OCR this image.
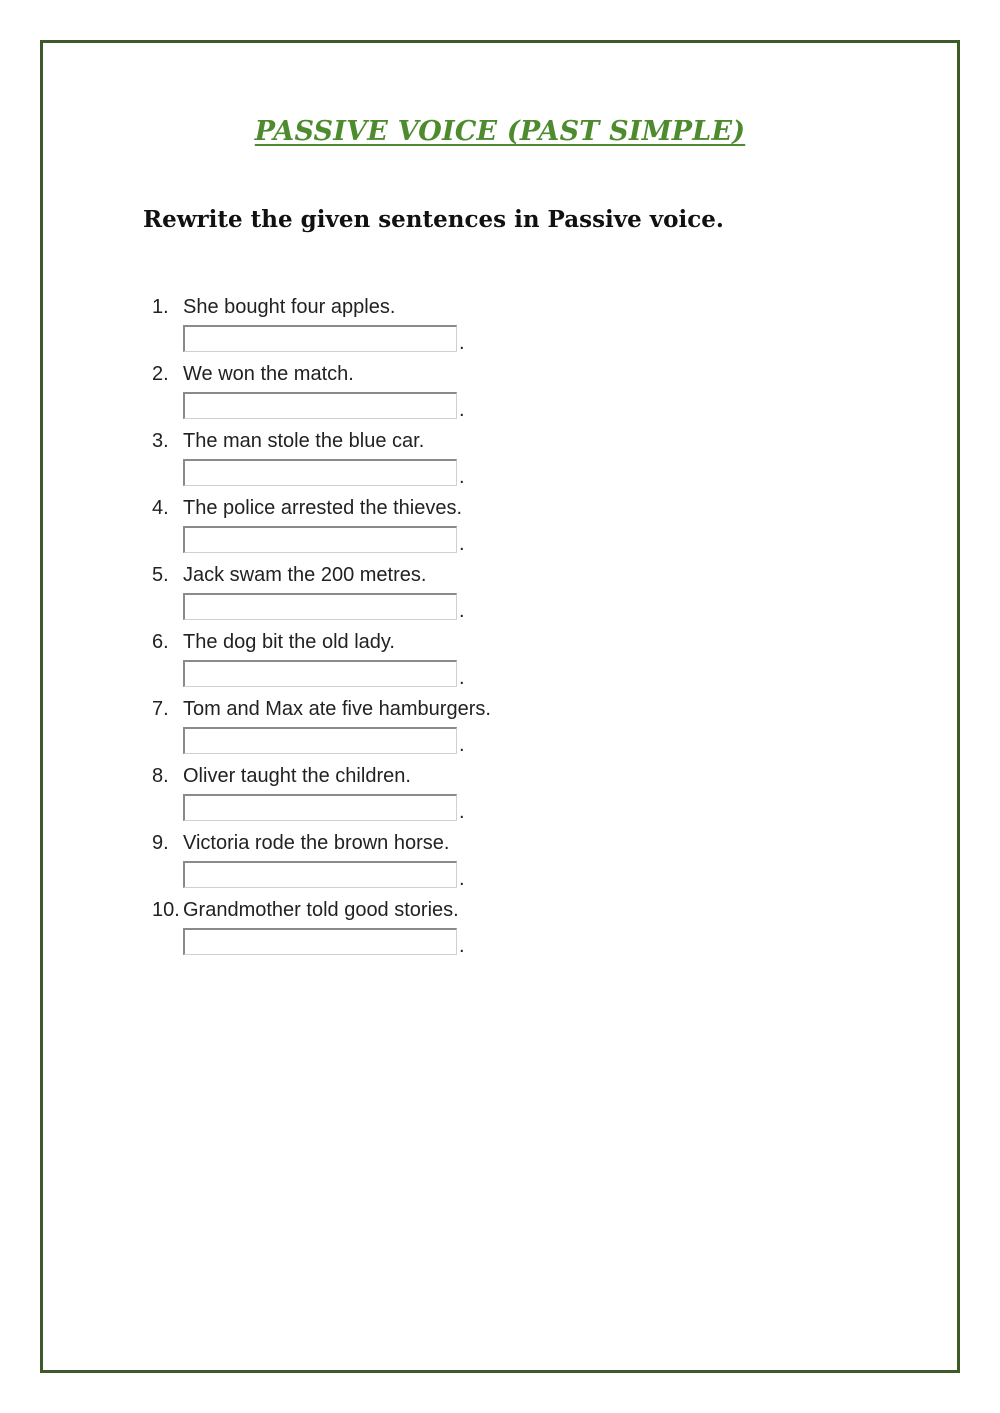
PASSIVE VOICE (PAST SIMPLE)
Rewrite the given sentences in Passive voice.
1. She bought four apples.
.
2. We won the match.
.
3. The man stole the blue car.
.
4. The police arrested the thieves.
.
5. Jack swam the 200 metres.
.
6. The dog bit the old lady.
.
7. Tom and Max ate five hamburgers.
.
8. Oliver taught the children.
.
9. Victoria rode the brown horse.
.
10. Grandmother told good stories.
.
